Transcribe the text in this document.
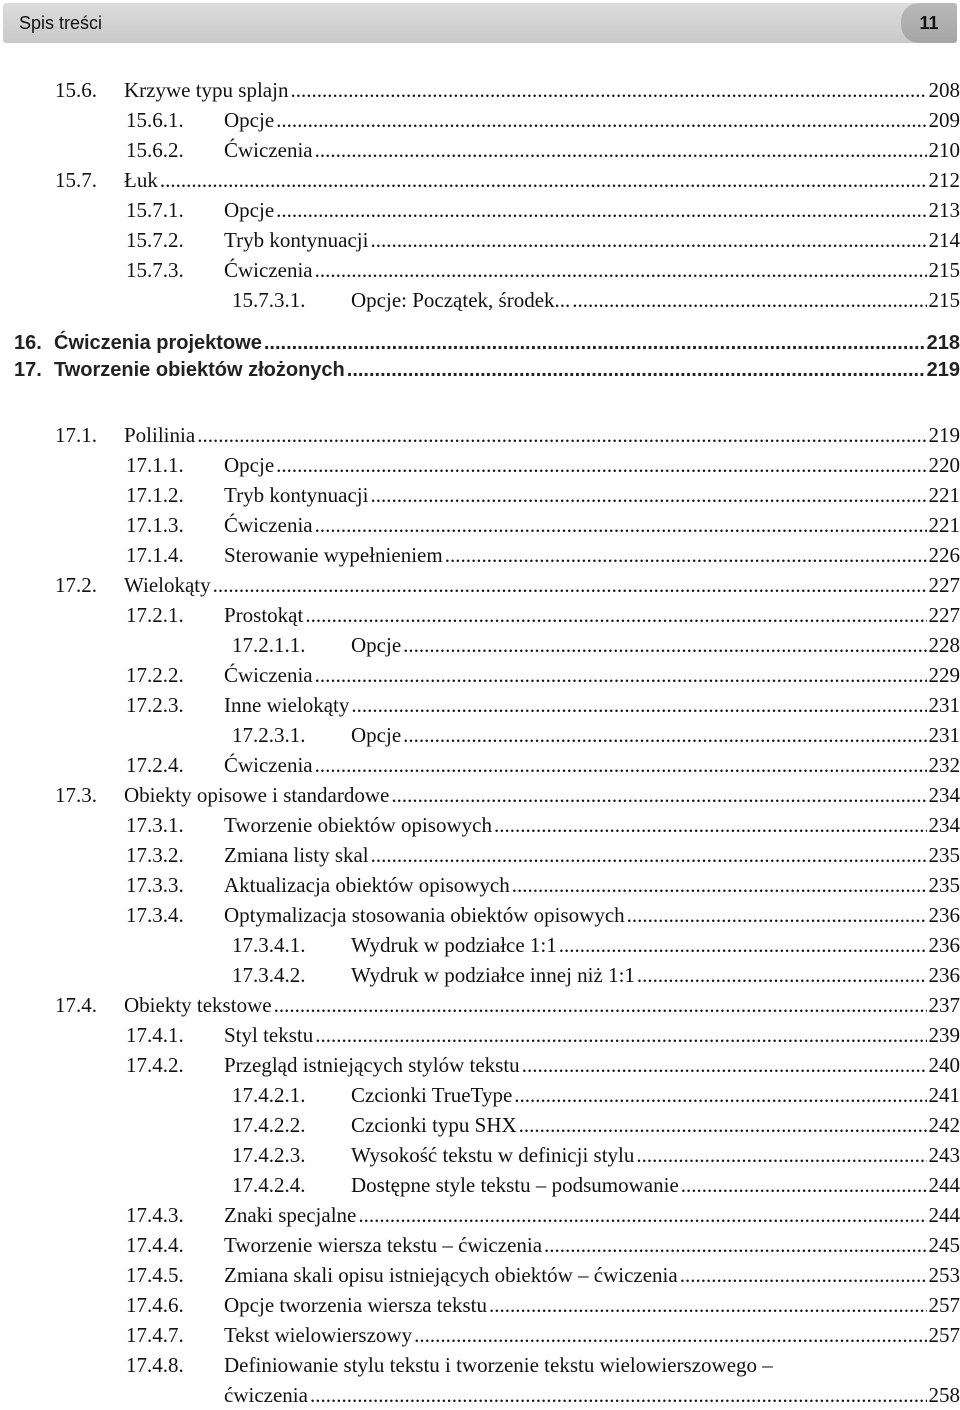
Spis treści	11
15.6. Krzywe typu splajn .....	208
15.6.1. Opcje .....	209
15.6.2. Ćwiczenia .....	210
15.7. Łuk .....	212
15.7.1. Opcje .....	213
15.7.2. Tryb kontynuacji .....	214
15.7.3. Ćwiczenia .....	215
15.7.3.1. Opcje: Początek, środek... .....	215
16. Ćwiczenia projektowe .....	218
17. Tworzenie obiektów złożonych .....	219
17.1. Polilinia .....	219
17.1.1. Opcje .....	220
17.1.2. Tryb kontynuacji .....	221
17.1.3. Ćwiczenia .....	221
17.1.4. Sterowanie wypełnieniem .....	226
17.2. Wielokąty .....	227
17.2.1. Prostokąt .....	227
17.2.1.1. Opcje .....	228
17.2.2. Ćwiczenia .....	229
17.2.3. Inne wielokąty .....	231
17.2.3.1. Opcje .....	231
17.2.4. Ćwiczenia .....	232
17.3. Obiekty opisowe i standardowe .....	234
17.3.1. Tworzenie obiektów opisowych .....	234
17.3.2. Zmiana listy skal .....	235
17.3.3. Aktualizacja obiektów opisowych .....	235
17.3.4. Optymalizacja stosowania obiektów opisowych .....	236
17.3.4.1. Wydruk w podziałce 1:1 .....	236
17.3.4.2. Wydruk w podziałce innej niż 1:1 .....	236
17.4. Obiekty tekstowe .....	237
17.4.1. Styl tekstu .....	239
17.4.2. Przegląd istniejących stylów tekstu .....	240
17.4.2.1. Czcionki TrueType .....	241
17.4.2.2. Czcionki typu SHX .....	242
17.4.2.3. Wysokość tekstu w definicji stylu .....	243
17.4.2.4. Dostępne style tekstu – podsumowanie .....	244
17.4.3. Znaki specjalne .....	244
17.4.4. Tworzenie wiersza tekstu – ćwiczenia .....	245
17.4.5. Zmiana skali opisu istniejących obiektów – ćwiczenia .....	253
17.4.6. Opcje tworzenia wiersza tekstu .....	257
17.4.7. Tekst wielowierszowy .....	257
17.4.8. Definiowanie stylu tekstu i tworzenie tekstu wielowierszowego –
ćwiczenia .....	258
